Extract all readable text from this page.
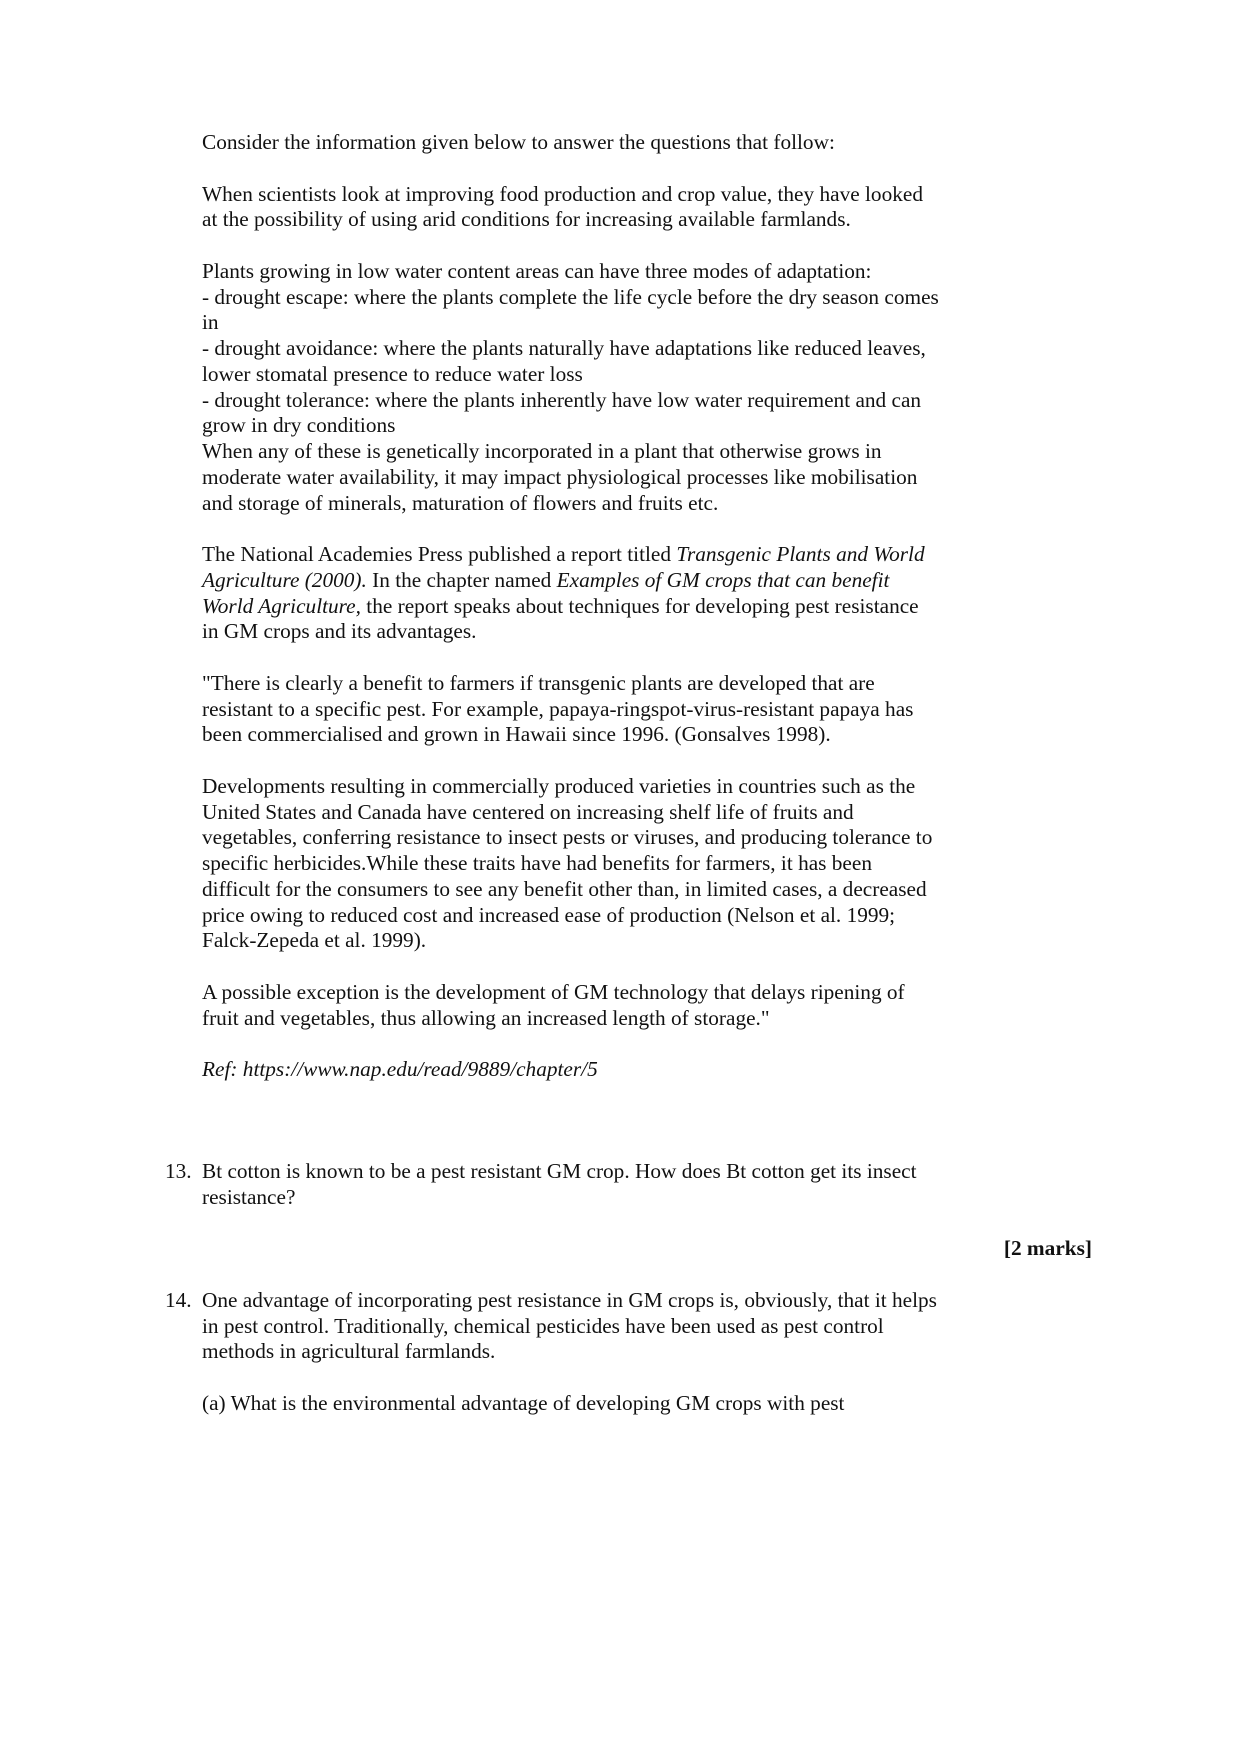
Consider the information given below to answer the questions that follow:

When scientists look at improving food production and crop value, they have looked
at the possibility of using arid conditions for increasing available farmlands.

Plants growing in low water content areas can have three modes of adaptation:
- drought escape: where the plants complete the life cycle before the dry season comes
in
- drought avoidance: where the plants naturally have adaptations like reduced leaves,
lower stomatal presence to reduce water loss
- drought tolerance: where the plants inherently have low water requirement and can
grow in dry conditions
When any of these is genetically incorporated in a plant that otherwise grows in
moderate water availability, it may impact physiological processes like mobilisation
and storage of minerals, maturation of flowers and fruits etc.

The National Academies Press published a report titled Transgenic Plants and World
Agriculture (2000). In the chapter named Examples of GM crops that can benefit
World Agriculture, the report speaks about techniques for developing pest resistance
in GM crops and its advantages.

"There is clearly a benefit to farmers if transgenic plants are developed that are
resistant to a specific pest. For example, papaya-ringspot-virus-resistant papaya has
been commercialised and grown in Hawaii since 1996. (Gonsalves 1998).

Developments resulting in commercially produced varieties in countries such as the
United States and Canada have centered on increasing shelf life of fruits and
vegetables, conferring resistance to insect pests or viruses, and producing tolerance to
specific herbicides.While these traits have had benefits for farmers, it has been
difficult for the consumers to see any benefit other than, in limited cases, a decreased
price owing to reduced cost and increased ease of production (Nelson et al. 1999;
Falck-Zepeda et al. 1999).

A possible exception is the development of GM technology that delays ripening of
fruit and vegetables, thus allowing an increased length of storage."

Ref: https://www.nap.edu/read/9889/chapter/5

13. Bt cotton is known to be a pest resistant GM crop. How does Bt cotton get its insect
resistance?
[2 marks]
14. One advantage of incorporating pest resistance in GM crops is, obviously, that it helps
in pest control. Traditionally, chemical pesticides have been used as pest control
methods in agricultural farmlands.
(a) What is the environmental advantage of developing GM crops with pest
